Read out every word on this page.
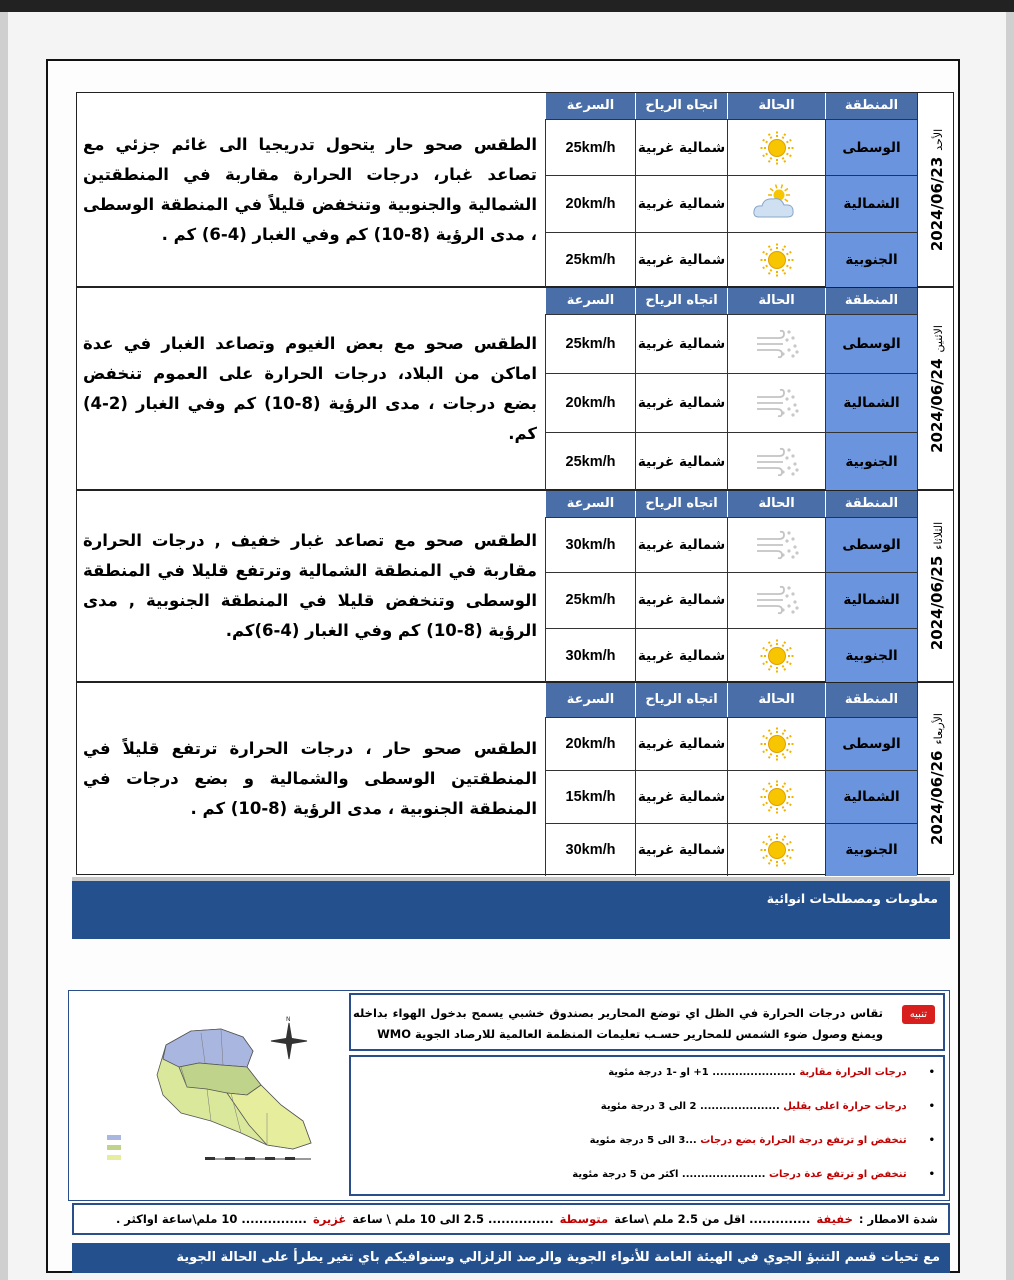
الطقس صحو حار يتحول تدريجيا الى غائم جزئي مع تصاعد غبار، درجات الحرارة مقاربة في المنطقتين الشمالية والجنوبية وتنخفض قليلاً في المنطقة الوسطى ، مدى الرؤية (8-10) كم وفي الغبار (4-6) كم .

السرعة	اتجاه الرياح	الحالة	المنطقة
25km/h	شمالية غربية	الوسطى
20km/h	شمالية غربية	الشمالية
25km/h	شمالية غربية	الجنوبية
الأحد2024/06/23

الطقس صحو مع بعض الغيوم وتصاعد الغبار في عدة اماكن من البلاد، درجات الحرارة على العموم تنخفض بضع درجات ، مدى الرؤية (8-10) كم وفي الغبار (2-4) كم.

السرعة	اتجاه الرياح	الحالة	المنطقة
25km/h	شمالية غربية	الوسطى
20km/h	شمالية غربية	الشمالية
25km/h	شمالية غربية	الجنوبية
الاثنين2024/06/24

الطقس صحو مع تصاعد غبار خفيف , درجات الحرارة مقاربة في المنطقة الشمالية وترتفع قليلا في المنطقة الوسطى وتنخفض قليلا في المنطقة الجنوبية , مدى الرؤية (8-10) كم وفي الغبار (4-6)كم.

السرعة	اتجاه الرياح	الحالة	المنطقة
30km/h	شمالية غربية	الوسطى
25km/h	شمالية غربية	الشمالية
30km/h	شمالية غربية	الجنوبية
الثلاثاء2024/06/25

الطقس صحو حار ، درجات الحرارة ترتفع قليلاً في المنطقتين الوسطى والشمالية و بضع درجات في المنطقة الجنوبية ، مدى الرؤية (8-10) كم .

السرعة	اتجاه الرياح	الحالة	المنطقة
20km/h	شمالية غربية	الوسطى
15km/h	شمالية غربية	الشمالية
30km/h	شمالية غربية	الجنوبية
الأربعاء2024/06/26
معلومات ومصطلحات انوائية
N	تنبيه
تقاس درجات الحرارة في الظل اي توضع المحارير بصندوق خشبي يسمح بدخول الهواء بداخله ويمنع وصول ضوء الشمس للمحارير حسـب تعليمات المنظمة العالمية للارصاد الجوية WMO
•درجات الحرارة مقاربة ...................... 1+ او -1 درجة مئوية
•درجات حرارة اعلى بقليل ..................... 2 الى 3 درجة مئوية
•تنخفض او ترتفع درجة الحرارة بضع درجات ...3 الى 5 درجة مئوية
•تنخفض او ترتفع عدة درجات ...................... اكثر من 5 درجة مئوية
شدة الامطار :
خفيفة
.............. اقل من 2.5 ملم \ساعة
متوسطة
............... 2.5 الى 10 ملم \ ساعة
غزيرة
............... 10 ملم\ساعة اواكثر .
مع تحيات قسم التنبؤ الجوي في الهيئة العامة للأنواء الجوية والرصد الزلزالي وسنوافيكم باي تغير يطرأ على الحالة الجوية
